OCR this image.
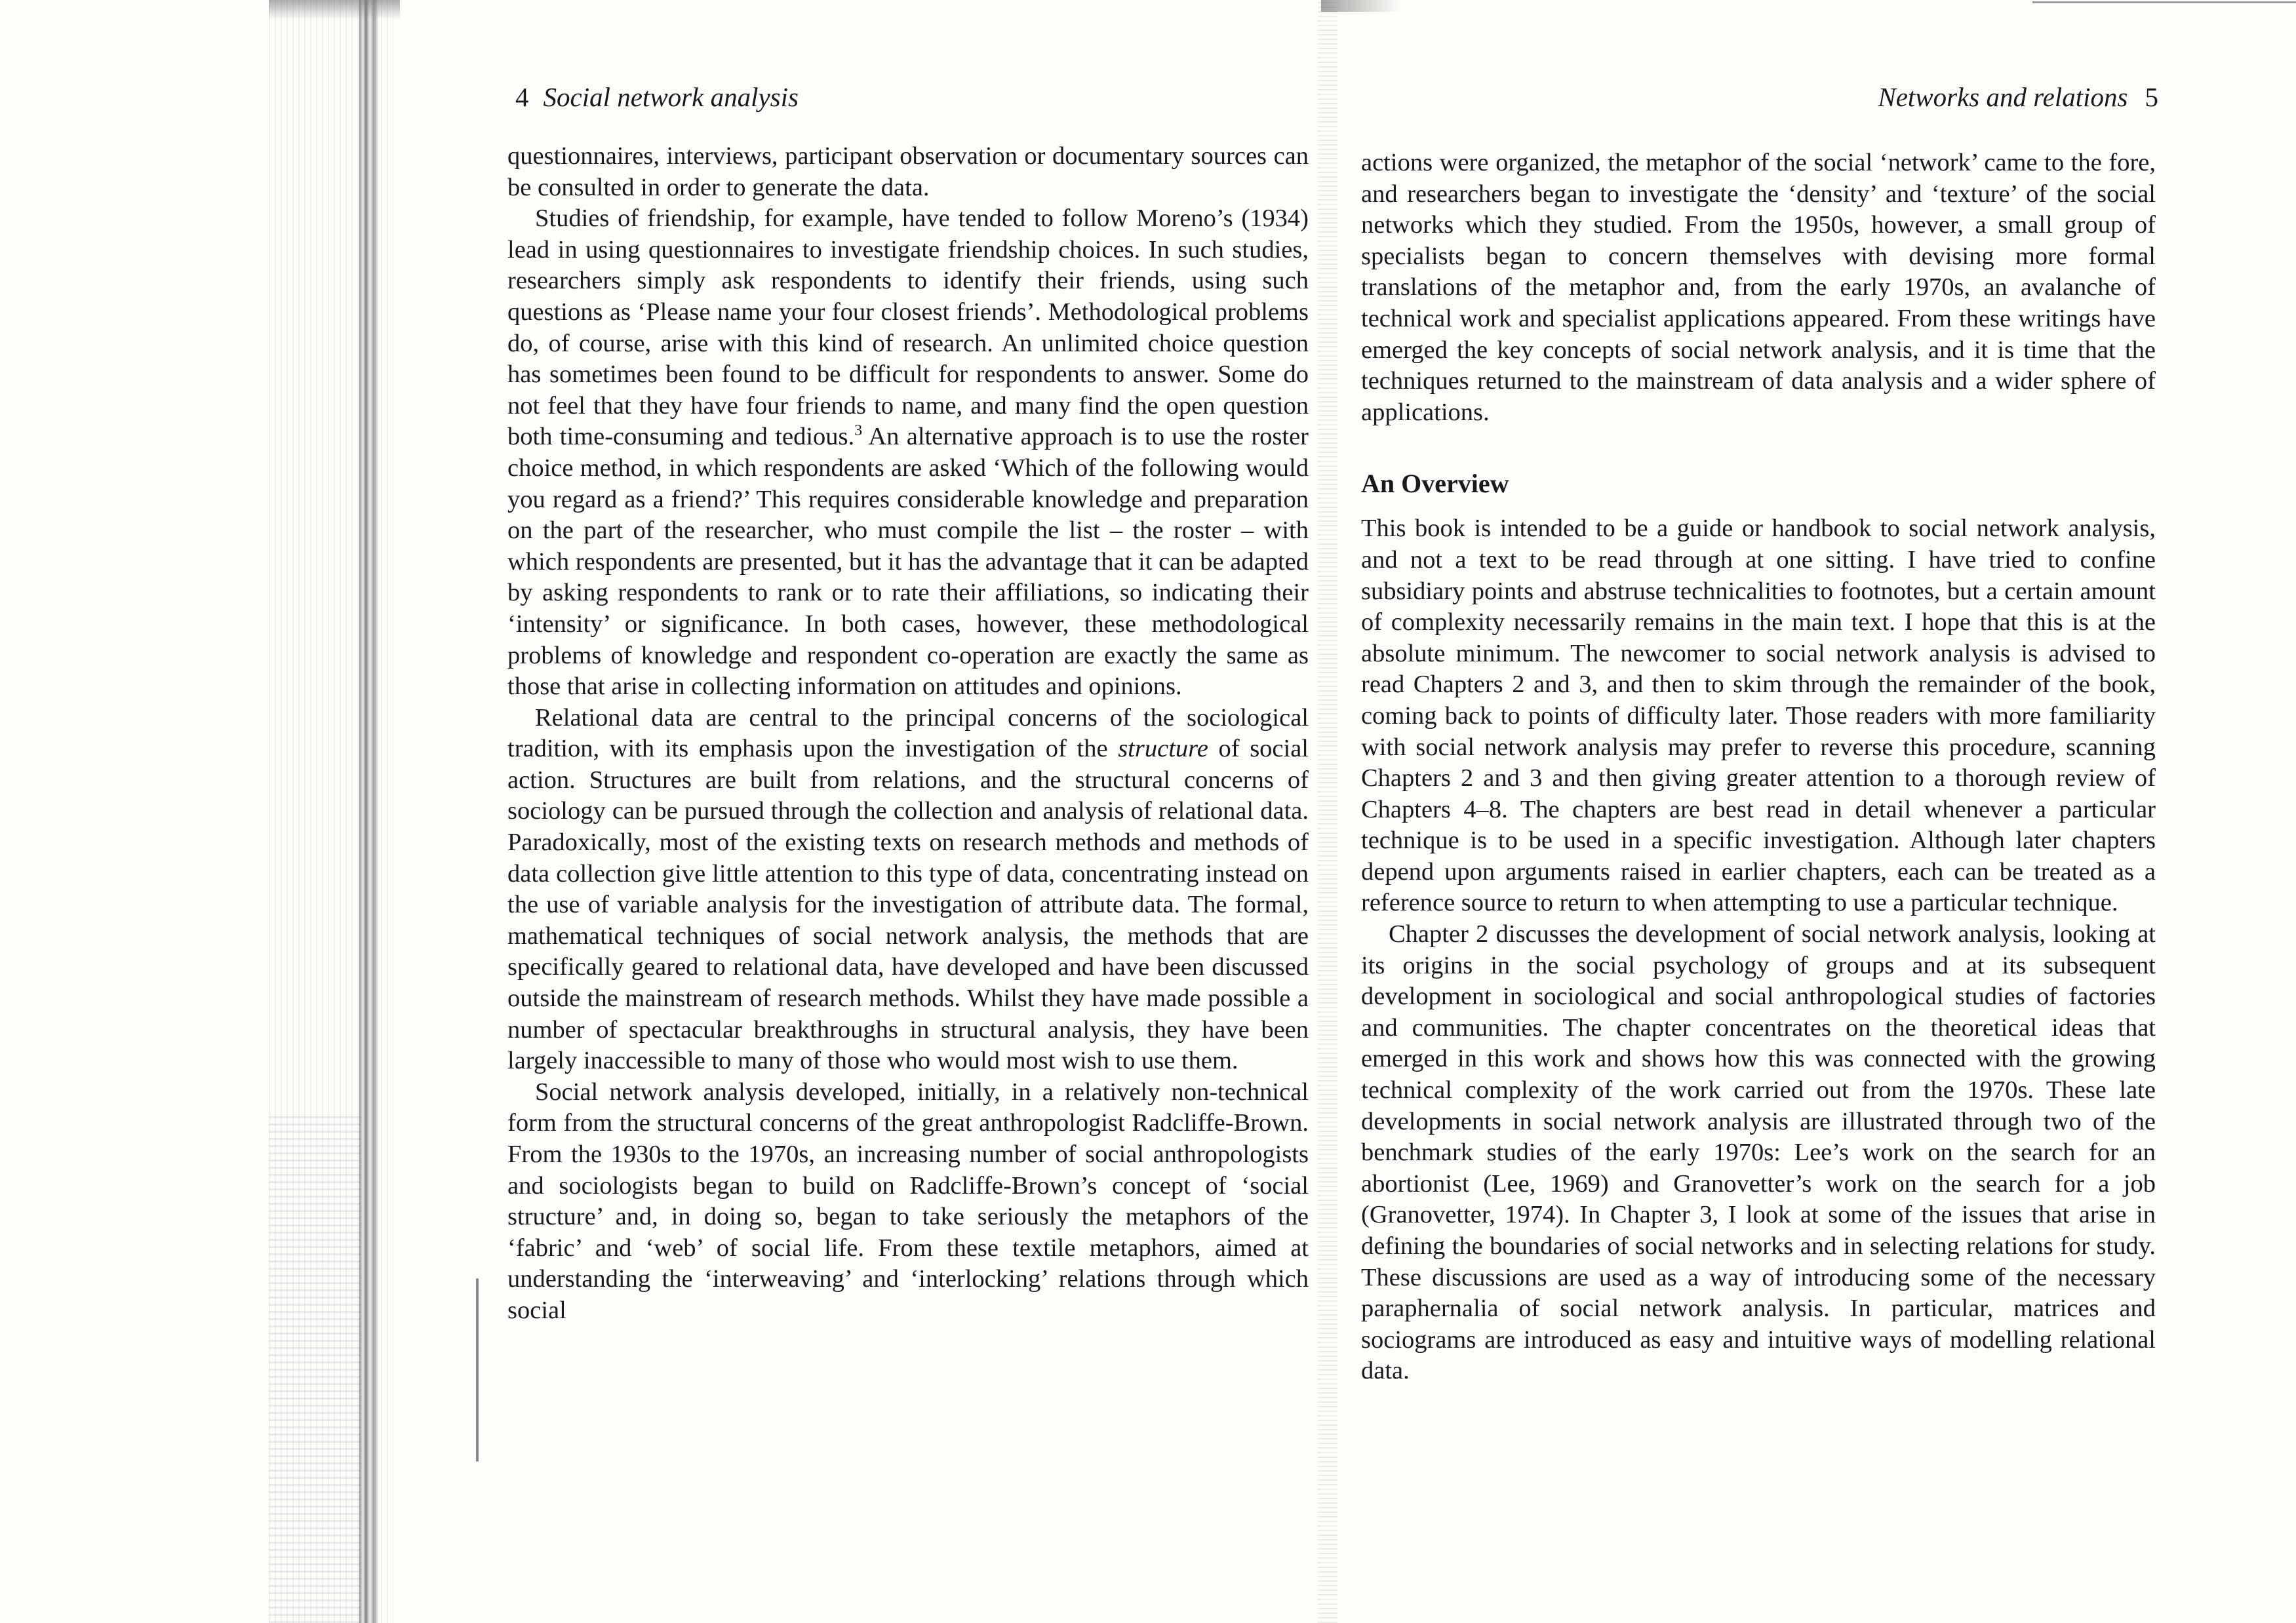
4 Social network analysis

questionnaires, interviews, participant observation or documentary sources can be consulted in order to generate the data.

Studies of friendship, for example, have tended to follow Moreno’s (1934) lead in using questionnaires to investigate friendship choices. In such studies, researchers simply ask respondents to identify their friends, using such questions as ‘Please name your four closest friends’. Methodological problems do, of course, arise with this kind of research. An unlimited choice question has sometimes been found to be difficult for respondents to answer. Some do not feel that they have four friends to name, and many find the open question both time-consuming and tedious.$^3$ An alternative approach is to use the roster choice method, in which respondents are asked ‘Which of the following would you regard as a friend?’ This requires considerable knowledge and preparation on the part of the researcher, who must compile the list – the roster – with which respondents are presented, but it has the advantage that it can be adapted by asking respondents to rank or to rate their affiliations, so indicating their ‘intensity’ or significance. In both cases, however, these methodological problems of knowledge and respondent co-operation are exactly the same as those that arise in collecting information on attitudes and opinions.

Relational data are central to the principal concerns of the sociological tradition, with its emphasis upon the investigation of the structure of social action. Structures are built from relations, and the structural concerns of sociology can be pursued through the collection and analysis of relational data. Paradoxically, most of the existing texts on research methods and methods of data collection give little attention to this type of data, concentrating instead on the use of variable analysis for the investigation of attribute data. The formal, mathematical techniques of social network analysis, the methods that are specifically geared to relational data, have developed and have been discussed outside the mainstream of research methods. Whilst they have made possible a number of spectacular breakthroughs in structural analysis, they have been largely inaccessible to many of those who would most wish to use them.

Social network analysis developed, initially, in a relatively non-technical form from the structural concerns of the great anthropologist Radcliffe-Brown. From the 1930s to the 1970s, an increasing number of social anthropologists and sociologists began to build on Radcliffe-Brown’s concept of ‘social structure’ and, in doing so, began to take seriously the metaphors of the ‘fabric’ and ‘web’ of social life. From these textile metaphors, aimed at understanding the ‘interweaving’ and ‘interlocking’ relations through which social

Networks and relations 5

actions were organized, the metaphor of the social ‘network’ came to the fore, and researchers began to investigate the ‘density’ and ‘texture’ of the social networks which they studied. From the 1950s, however, a small group of specialists began to concern themselves with devising more formal translations of the metaphor and, from the early 1970s, an avalanche of technical work and specialist applications appeared. From these writings have emerged the key concepts of social network analysis, and it is time that the techniques returned to the mainstream of data analysis and a wider sphere of applications.

An Overview

This book is intended to be a guide or handbook to social network analysis, and not a text to be read through at one sitting. I have tried to confine subsidiary points and abstruse technicalities to footnotes, but a certain amount of complexity necessarily remains in the main text. I hope that this is at the absolute minimum. The newcomer to social network analysis is advised to read Chapters 2 and 3, and then to skim through the remainder of the book, coming back to points of difficulty later. Those readers with more familiarity with social network analysis may prefer to reverse this procedure, scanning Chapters 2 and 3 and then giving greater attention to a thorough review of Chapters 4–8. The chapters are best read in detail whenever a particular technique is to be used in a specific investigation. Although later chapters depend upon arguments raised in earlier chapters, each can be treated as a reference source to return to when attempting to use a particular technique.

Chapter 2 discusses the development of social network analysis, looking at its origins in the social psychology of groups and at its subsequent development in sociological and social anthropological studies of factories and communities. The chapter concentrates on the theoretical ideas that emerged in this work and shows how this was connected with the growing technical complexity of the work carried out from the 1970s. These late developments in social network analysis are illustrated through two of the benchmark studies of the early 1970s: Lee’s work on the search for an abortionist (Lee, 1969) and Granovetter’s work on the search for a job (Granovetter, 1974). In Chapter 3, I look at some of the issues that arise in defining the boundaries of social networks and in selecting relations for study. These discussions are used as a way of introducing some of the necessary paraphernalia of social network analysis. In particular, matrices and sociograms are introduced as easy and intuitive ways of modelling relational data.
